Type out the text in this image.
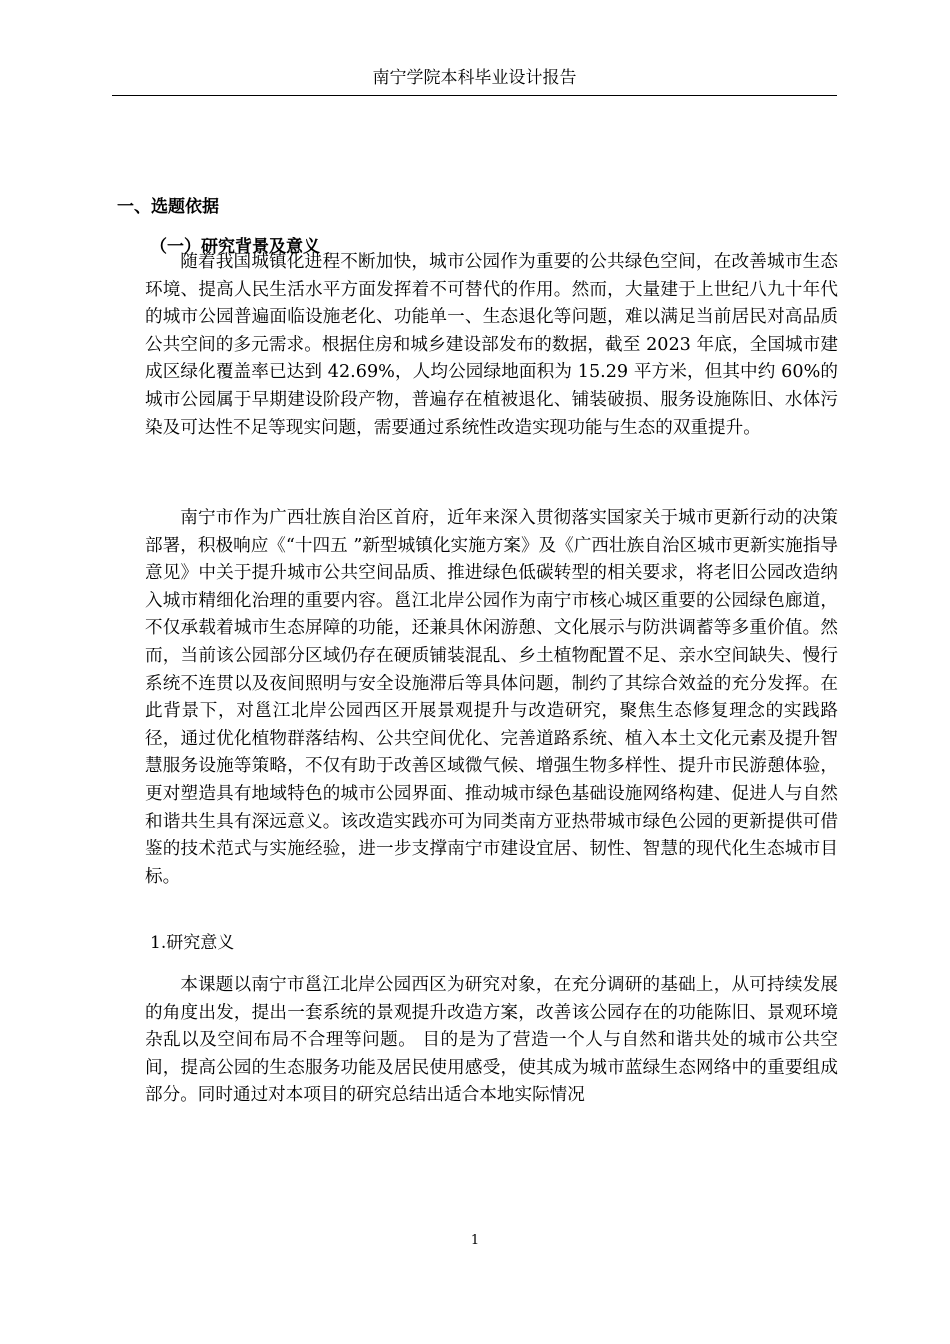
南宁学院本科毕业设计报告
一、选题依据
（一）研究背景及意义

随着我国城镇化进程不断加快，城市公园作为重要的公共绿色空间，在改善城市生态环境、提高人民生活水平方面发挥着不可替代的作用。然而，大量建于上世纪八九十年代的城市公园普遍面临设施老化、功能单一、生态退化等问题，难以满足当前居民对高品质公共空间的多元需求。根据住房和城乡建设部发布的数据，截至 2023 年底，全国城市建成区绿化覆盖率已达到 42.69%，人均公园绿地面积为 15.29 平方米，但其中约 60%的城市公园属于早期建设阶段产物，普遍存在植被退化、铺装破损、服务设施陈旧、水体污染及可达性不足等现实问题，需要通过系统性改造实现功能与生态的双重提升。

南宁市作为广西壮族自治区首府，近年来深入贯彻落实国家关于城市更新行动的决策部署，积极响应《“十四五 ”新型城镇化实施方案》及《广西壮族自治区城市更新实施指导意见》中关于提升城市公共空间品质、推进绿色低碳转型的相关要求，将老旧公园改造纳入城市精细化治理的重要内容。邕江北岸公园作为南宁市核心城区重要的公园绿色廊道，不仅承载着城市生态屏障的功能，还兼具休闲游憩、文化展示与防洪调蓄等多重价值。然而，当前该公园部分区域仍存在硬质铺装混乱、乡土植物配置不足、亲水空间缺失、慢行系统不连贯以及夜间照明与安全设施滞后等具体问题，制约了其综合效益的充分发挥。在此背景下，对邕江北岸公园西区开展景观提升与改造研究，聚焦生态修复理念的实践路径，通过优化植物群落结构、公共空间优化、完善道路系统、植入本土文化元素及提升智慧服务设施等策略，不仅有助于改善区域微气候、增强生物多样性、提升市民游憩体验，更对塑造具有地域特色的城市公园界面、推动城市绿色基础设施网络构建、促进人与自然和谐共生具有深远意义。该改造实践亦可为同类南方亚热带城市绿色公园的更新提供可借鉴的技术范式与实施经验，进一步支撑南宁市建设宜居、韧性、智慧的现代化生态城市目标。

1.研究意义

本课题以南宁市邕江北岸公园西区为研究对象，在充分调研的基础上，从可持续发展的角度出发，提出一套系统的景观提升改造方案，改善该公园存在的功能陈旧、景观环境杂乱以及空间布局不合理等问题。 目的是为了营造一个人与自然和谐共处的城市公共空间，提高公园的生态服务功能及居民使用感受，使其成为城市蓝绿生态网络中的重要组成部分。同时通过对本项目的研究总结出适合本地实际情况

1
